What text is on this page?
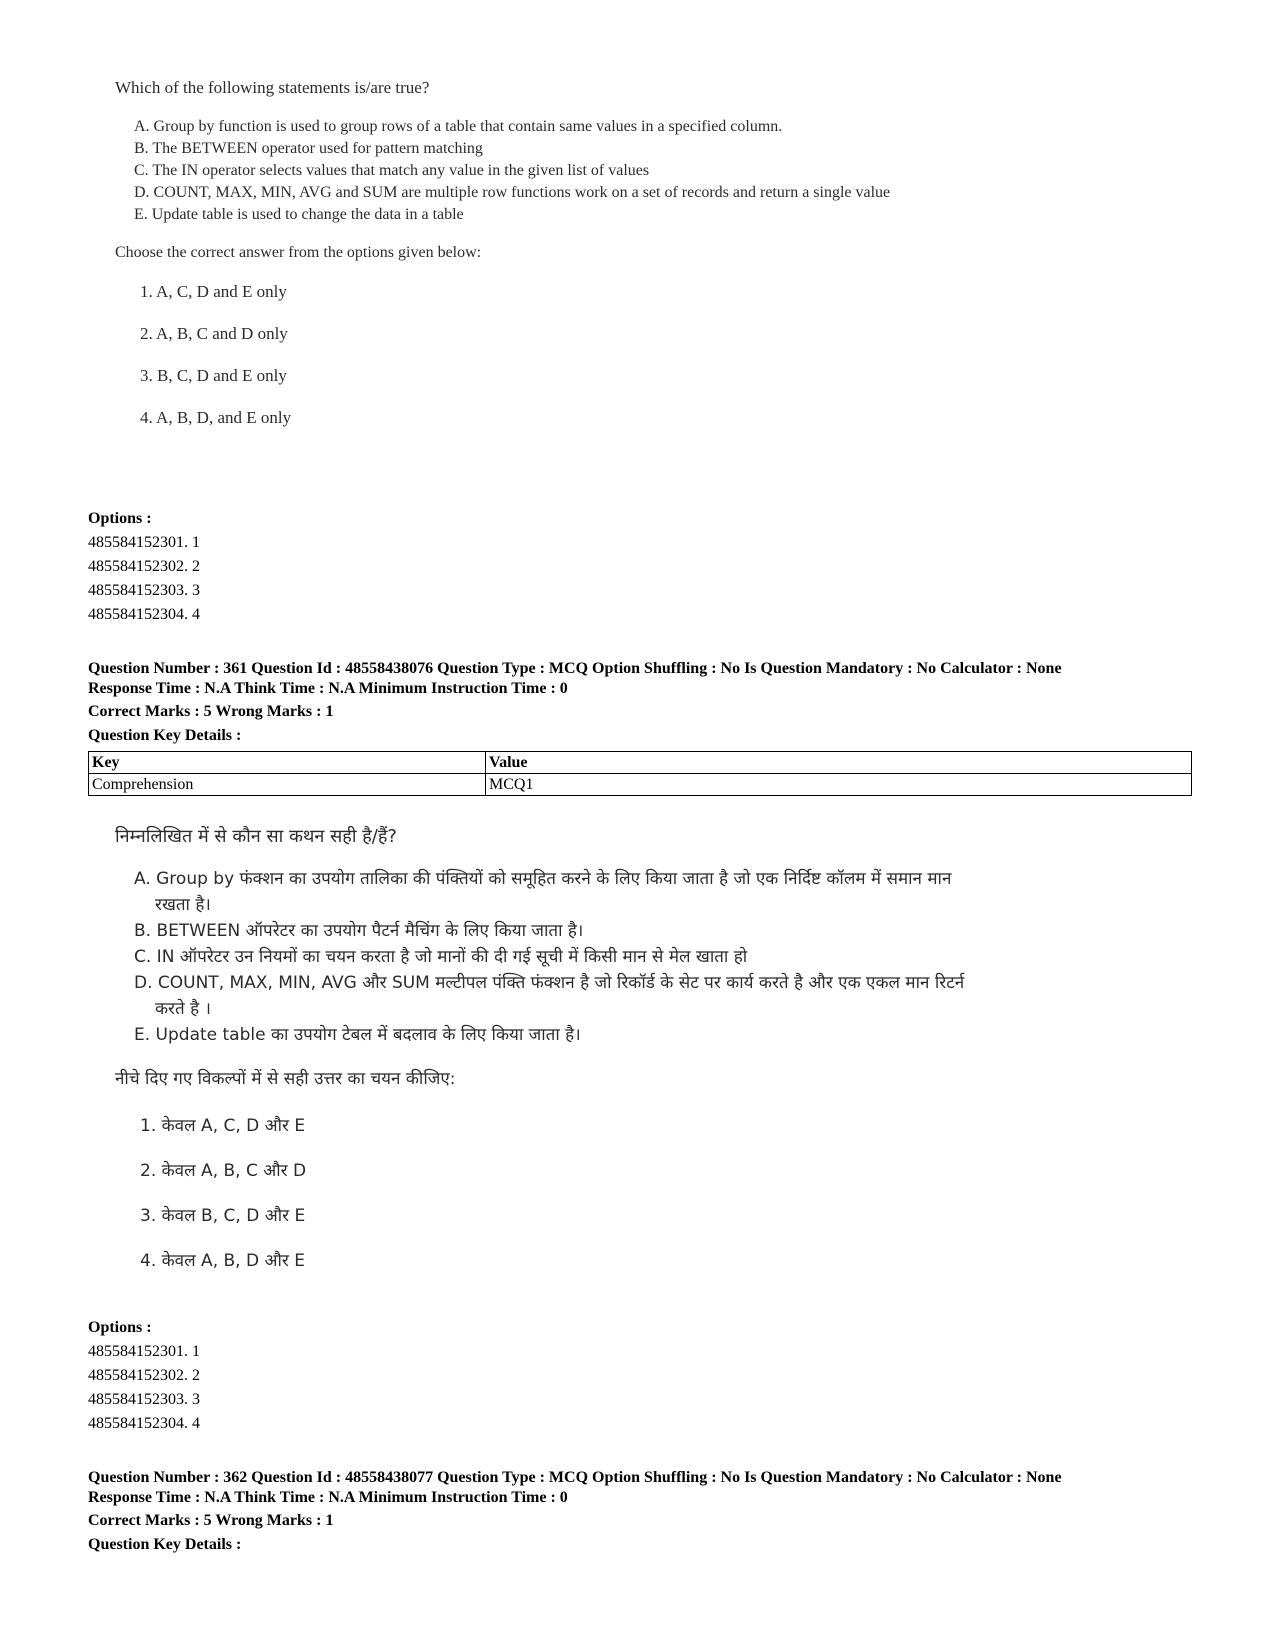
Which of the following statements is/are true?

A. Group by function is used to group rows of a table that contain same values in a specified column.
B. The BETWEEN operator used for pattern matching
C. The IN operator selects values that match any value in the given list of values
D. COUNT, MAX, MIN, AVG and SUM are multiple row functions work on a set of records and return a single value
E. Update table is used to change the data in a table
Choose the correct answer from the options given below:
1. A, C, D and E only
2. A, B, C and D only
3. B, C, D and E only
4. A, B, D, and E only
Options :
485584152301. 1
485584152302. 2
485584152303. 3
485584152304. 4
Question Number : 361 Question Id : 48558438076 Question Type : MCQ Option Shuffling : No Is Question Mandatory : No Calculator : None
Response Time : N.A Think Time : N.A Minimum Instruction Time : 0
Correct Marks : 5 Wrong Marks : 1
Question Key Details :
Key	Value
Comprehension	MCQ1

निम्नलिखित में से कौन सा कथन सही है/हैं?

A. Group by फंक्शन का उपयोग तालिका की पंक्तियों को समूहित करने के लिए किया जाता है जो एक निर्दिष्ट कॉलम में समान मान रखता है।
B. BETWEEN ऑपरेटर का उपयोग पैटर्न मैचिंग के लिए किया जाता है।
C. IN ऑपरेटर उन नियमों का चयन करता है जो मानों की दी गई सूची में किसी मान से मेल खाता हो
D. COUNT, MAX, MIN, AVG और SUM मल्टीपल पंक्ति फंक्शन है जो रिकॉर्ड के सेट पर कार्य करते है और एक एकल मान रिटर्न करते है ।
E. Update table का उपयोग टेबल में बदलाव के लिए किया जाता है।
नीचे दिए गए विकल्पों में से सही उत्तर का चयन कीजिए:
1. केवल A, C, D और E
2. केवल A, B, C और D
3. केवल B, C, D और E
4. केवल A, B, D और E
Options :
485584152301. 1
485584152302. 2
485584152303. 3
485584152304. 4
Question Number : 362 Question Id : 48558438077 Question Type : MCQ Option Shuffling : No Is Question Mandatory : No Calculator : None
Response Time : N.A Think Time : N.A Minimum Instruction Time : 0
Correct Marks : 5 Wrong Marks : 1
Question Key Details :
